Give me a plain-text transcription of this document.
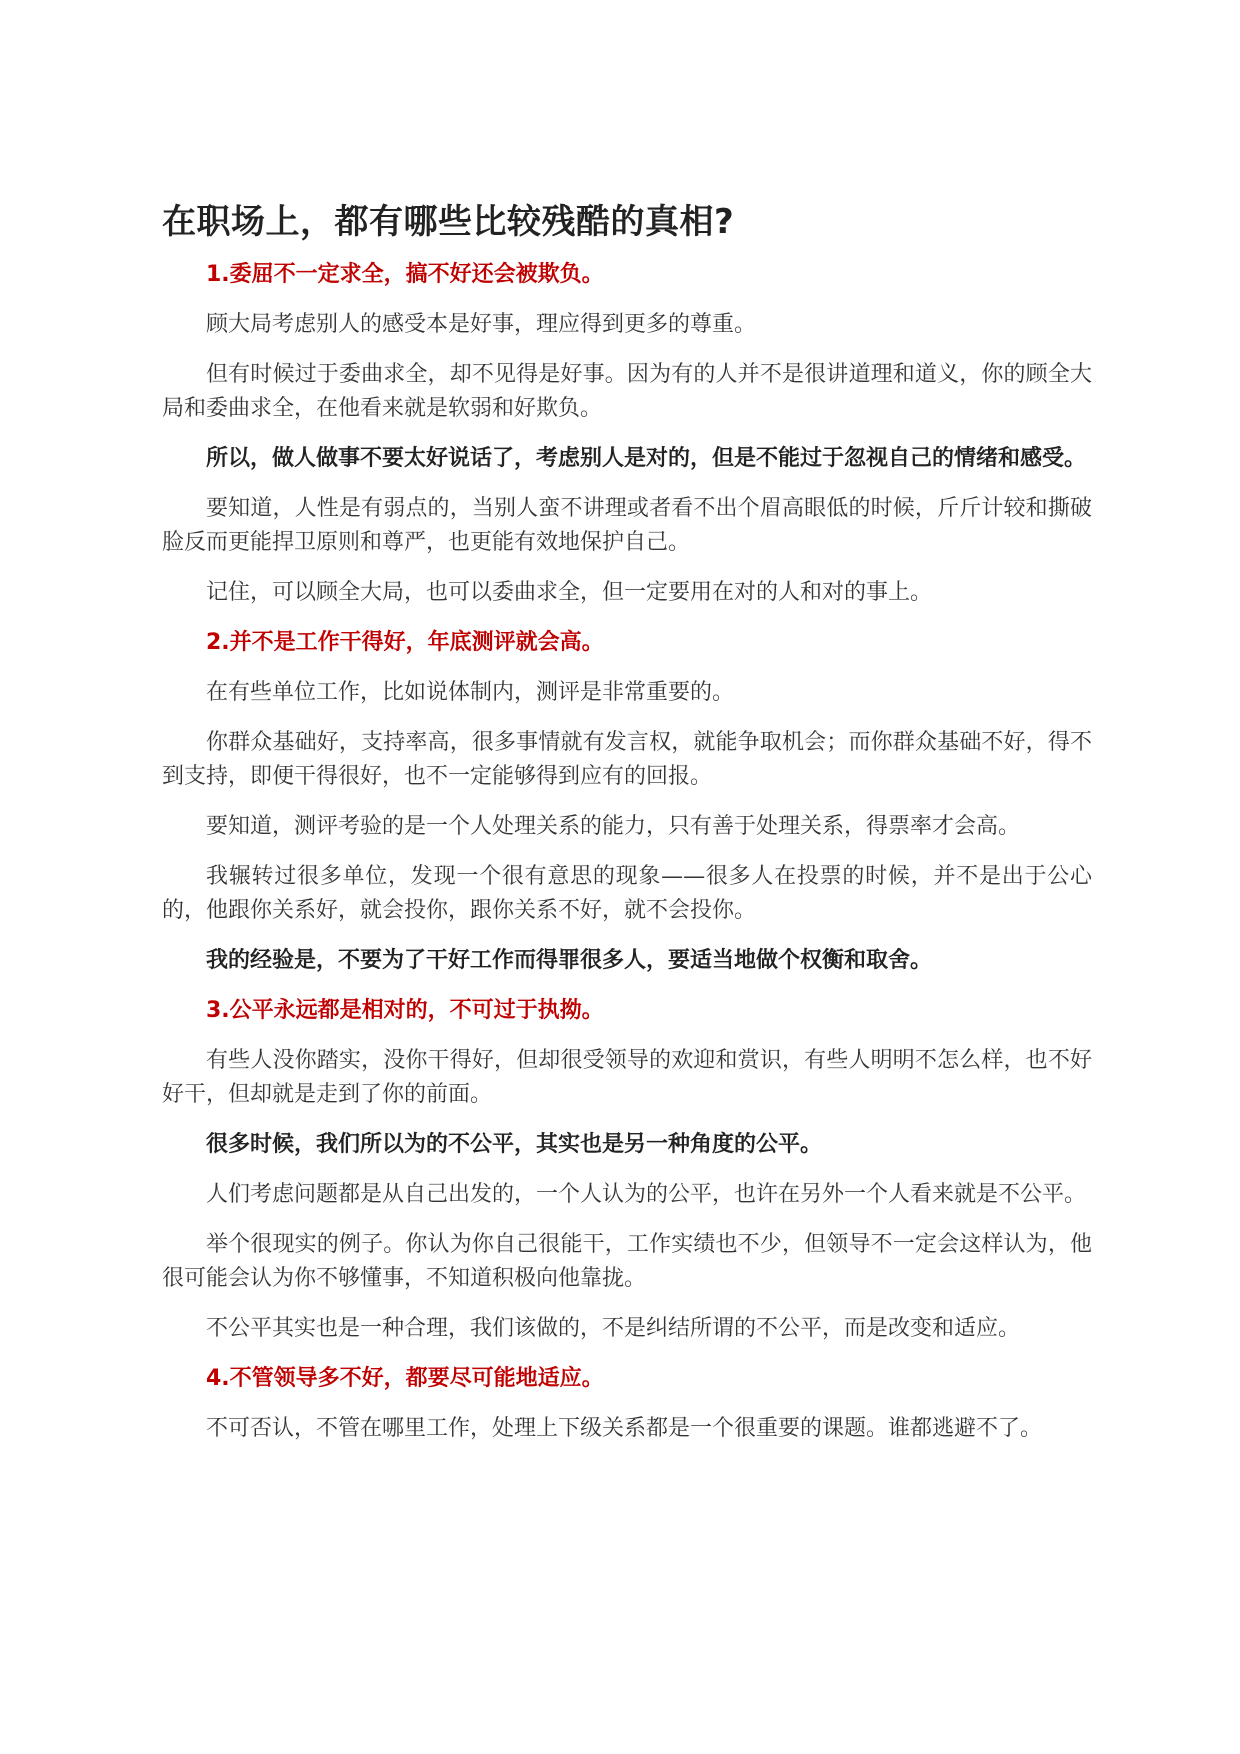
在职场上，都有哪些比较残酷的真相?

1.委屈不一定求全，搞不好还会被欺负。

顾大局考虑别人的感受本是好事，理应得到更多的尊重。

但有时候过于委曲求全，却不见得是好事。因为有的人并不是很讲道理和道义，你的顾全大局和委曲求全，在他看来就是软弱和好欺负。

所以，做人做事不要太好说话了，考虑别人是对的，但是不能过于忽视自己的情绪和感受。

要知道，人性是有弱点的，当别人蛮不讲理或者看不出个眉高眼低的时候，斤斤计较和撕破脸反而更能捍卫原则和尊严，也更能有效地保护自己。

记住，可以顾全大局，也可以委曲求全，但一定要用在对的人和对的事上。

2.并不是工作干得好，年底测评就会高。

在有些单位工作，比如说体制内，测评是非常重要的。

你群众基础好，支持率高，很多事情就有发言权，就能争取机会；而你群众基础不好，得不到支持，即便干得很好，也不一定能够得到应有的回报。

要知道，测评考验的是一个人处理关系的能力，只有善于处理关系，得票率才会高。

我辗转过很多单位，发现一个很有意思的现象——很多人在投票的时候，并不是出于公心的，他跟你关系好，就会投你，跟你关系不好，就不会投你。

我的经验是，不要为了干好工作而得罪很多人，要适当地做个权衡和取舍。

3.公平永远都是相对的，不可过于执拗。

有些人没你踏实，没你干得好，但却很受领导的欢迎和赏识，有些人明明不怎么样，也不好好干，但却就是走到了你的前面。

很多时候，我们所以为的不公平，其实也是另一种角度的公平。

人们考虑问题都是从自己出发的，一个人认为的公平，也许在另外一个人看来就是不公平。

举个很现实的例子。你认为你自己很能干，工作实绩也不少，但领导不一定会这样认为，他很可能会认为你不够懂事，不知道积极向他靠拢。

不公平其实也是一种合理，我们该做的，不是纠结所谓的不公平，而是改变和适应。

4.不管领导多不好，都要尽可能地适应。

不可否认，不管在哪里工作，处理上下级关系都是一个很重要的课题。谁都逃避不了。
